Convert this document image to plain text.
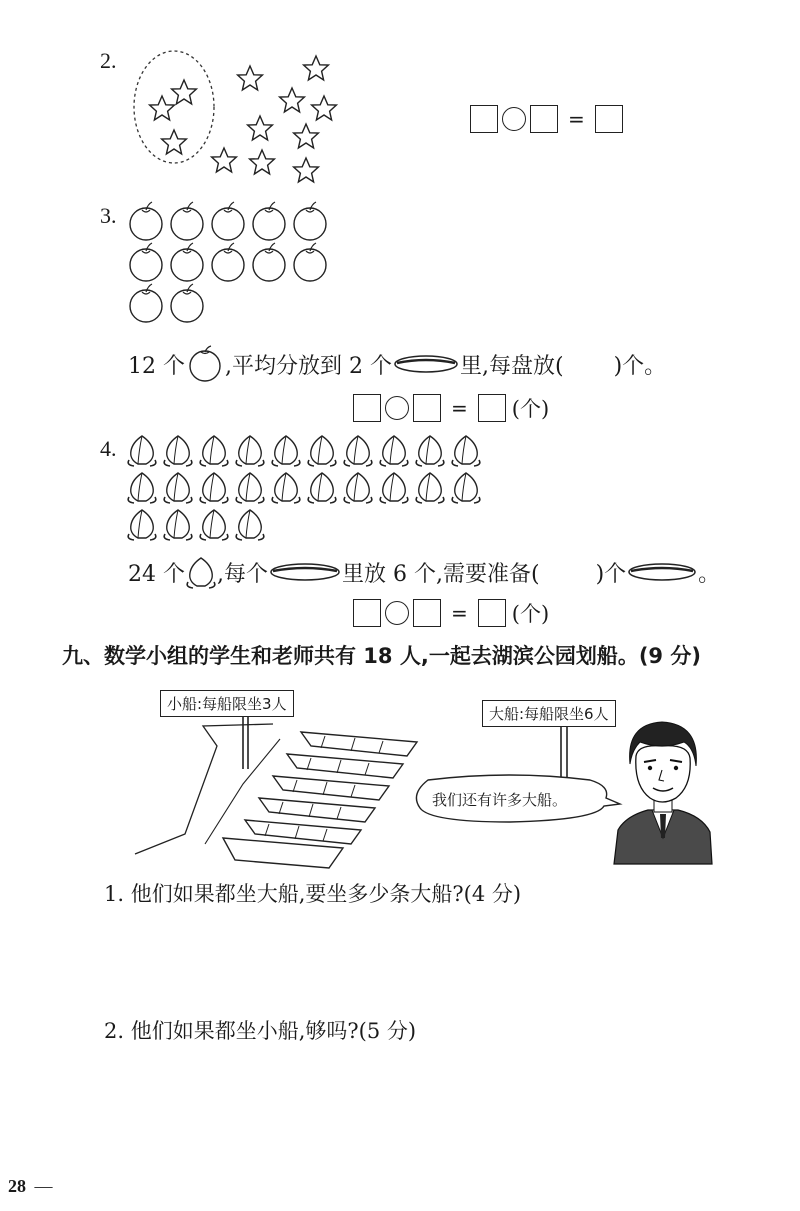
2.
=
3.
12 个 ,平均分放到 2 个	里,每盘放( )个。
= (个)
4.
24 个 ,每个	里放 6 个,需要准备(	)个	。
= (个)
九、数学小组的学生和老师共有 18 人,一起去湖滨公园划船。(9 分)
小船:每船限坐3人
大船:每船限坐6人
我们还有许多大船。
1. 他们如果都坐大船,要坐多少条大船?(4 分)
2. 他们如果都坐小船,够吗?(5 分)
28 —
